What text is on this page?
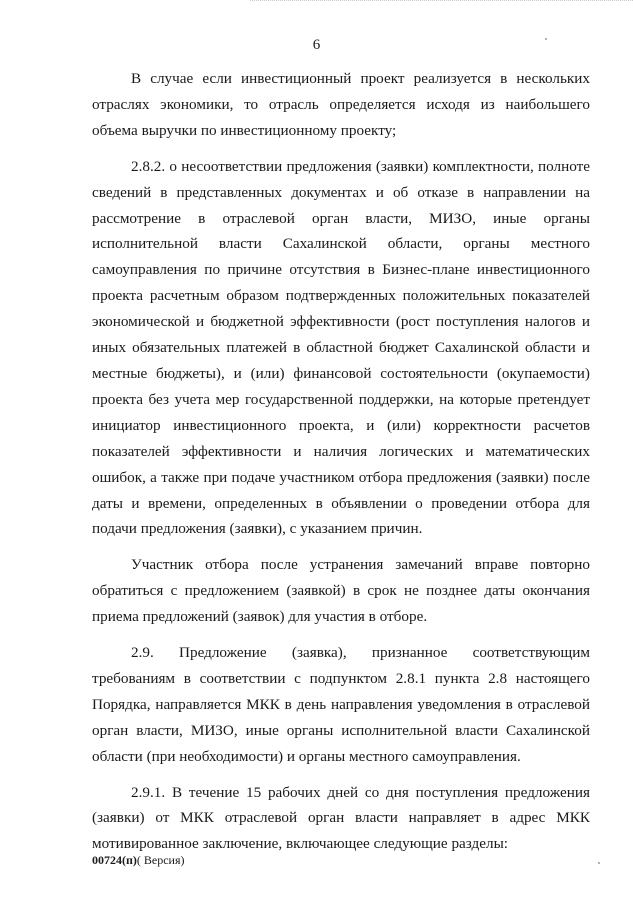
6

В случае если инвестиционный проект реализуется в нескольких отраслях экономики, то отрасль определяется исходя из наибольшего объема выручки по инвестиционному проекту;

2.8.2. о несоответствии предложения (заявки) комплектности, полноте сведений в представленных документах и об отказе в направлении на рассмотрение в отраслевой орган власти, МИЗО, иные органы исполнительной власти Сахалинской области, органы местного самоуправления по причине отсутствия в Бизнес-плане инвестиционного проекта расчетным образом подтвержденных положительных показателей экономической и бюджетной эффективности (рост поступления налогов и иных обязательных платежей в областной бюджет Сахалинской области и местные бюджеты), и (или) финансовой состоятельности (окупаемости) проекта без учета мер государственной поддержки, на которые претендует инициатор инвестиционного проекта, и (или) корректности расчетов показателей эффективности и наличия логических и математических ошибок, а также при подаче участником отбора предложения (заявки) после даты и времени, определенных в объявлении о проведении отбора для подачи предложения (заявки), с указанием причин.

Участник отбора после устранения замечаний вправе повторно обратиться с предложением (заявкой) в срок не позднее даты окончания приема предложений (заявок) для участия в отборе.

2.9. Предложение (заявка), признанное соответствующим требованиям в соответствии с подпунктом 2.8.1 пункта 2.8 настоящего Порядка, направляется МКК в день направления уведомления в отраслевой орган власти, МИЗО, иные органы исполнительной власти Сахалинской области (при необходимости) и органы местного самоуправления.

2.9.1. В течение 15 рабочих дней со дня поступления предложения (заявки) от МКК отраслевой орган власти направляет в адрес МКК мотивированное заключение, включающее следующие разделы:

00724(п)( Версия)
